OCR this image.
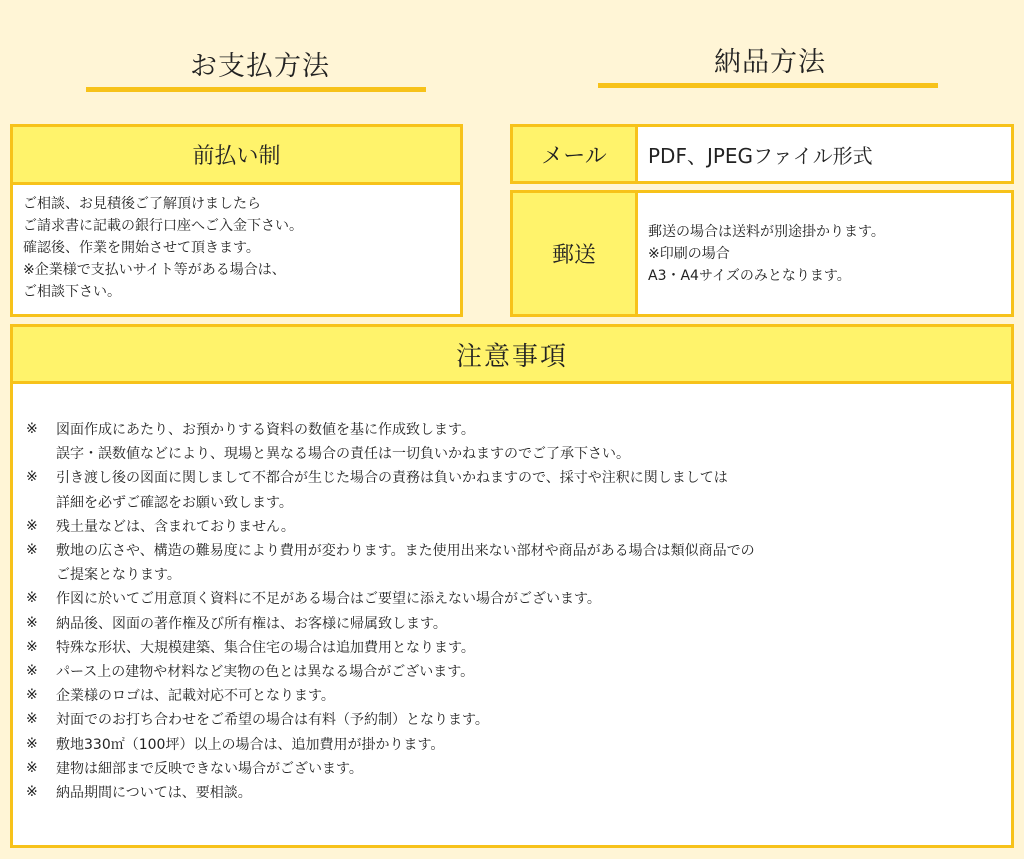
お支払方法	納品方法
前払い制
ご相談、お見積後ご了解頂けましたら
ご請求書に記載の銀行口座へご入金下さい。
確認後、作業を開始させて頂きます。
※企業様で支払いサイト等がある場合は、
ご相談下さい。
メール	PDF、JPEGファイル形式
郵送
郵送の場合は送料が別途掛かります。
※印刷の場合
A3・A4サイズのみとなります。
注意事項
※	図面作成にあたり、お預かりする資料の数値を基に作成致します。
誤字・誤数値などにより、現場と異なる場合の責任は一切負いかねますのでご了承下さい。
※	引き渡し後の図面に関しまして不都合が生じた場合の責務は負いかねますので、採寸や注釈に関しましては
詳細を必ずご確認をお願い致します。
※	残土量などは、含まれておりません。
※	敷地の広さや、構造の難易度により費用が変わります。また使用出来ない部材や商品がある場合は類似商品での
ご提案となります。
※	作図に於いてご用意頂く資料に不足がある場合はご要望に添えない場合がございます。
※	納品後、図面の著作権及び所有権は、お客様に帰属致します。
※	特殊な形状、大規模建築、集合住宅の場合は追加費用となります。
※	パース上の建物や材料など実物の色とは異なる場合がございます。
※	企業様のロゴは、記載対応不可となります。
※	対面でのお打ち合わせをご希望の場合は有料（予約制）となります。
※	敷地330㎡（100坪）以上の場合は、追加費用が掛かります。
※	建物は細部まで反映できない場合がございます。
※	納品期間については、要相談。
